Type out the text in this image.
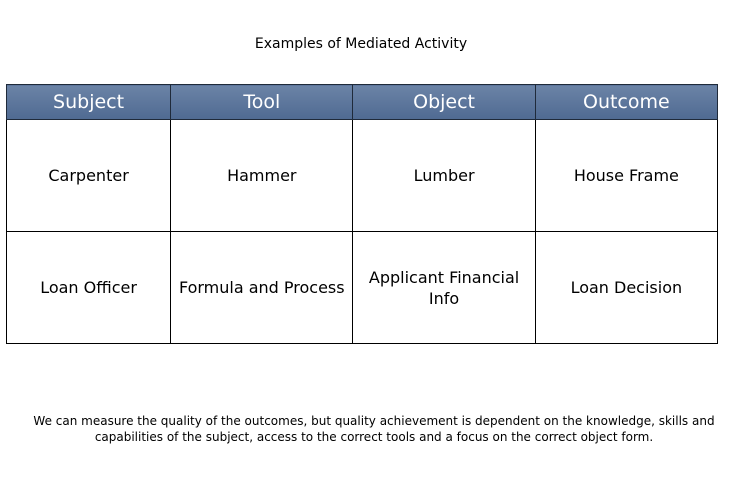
Examples of Mediated Activity
Subject	Tool	Object	Outcome
Carpenter	Hammer	Lumber	House Frame
Loan Officer	Formula and Process	Applicant Financial Info	Loan Decision
We can measure the quality of the outcomes, but quality achievement is dependent on the knowledge, skills and capabilities of the subject, access to the correct tools and a focus on the correct object form.
